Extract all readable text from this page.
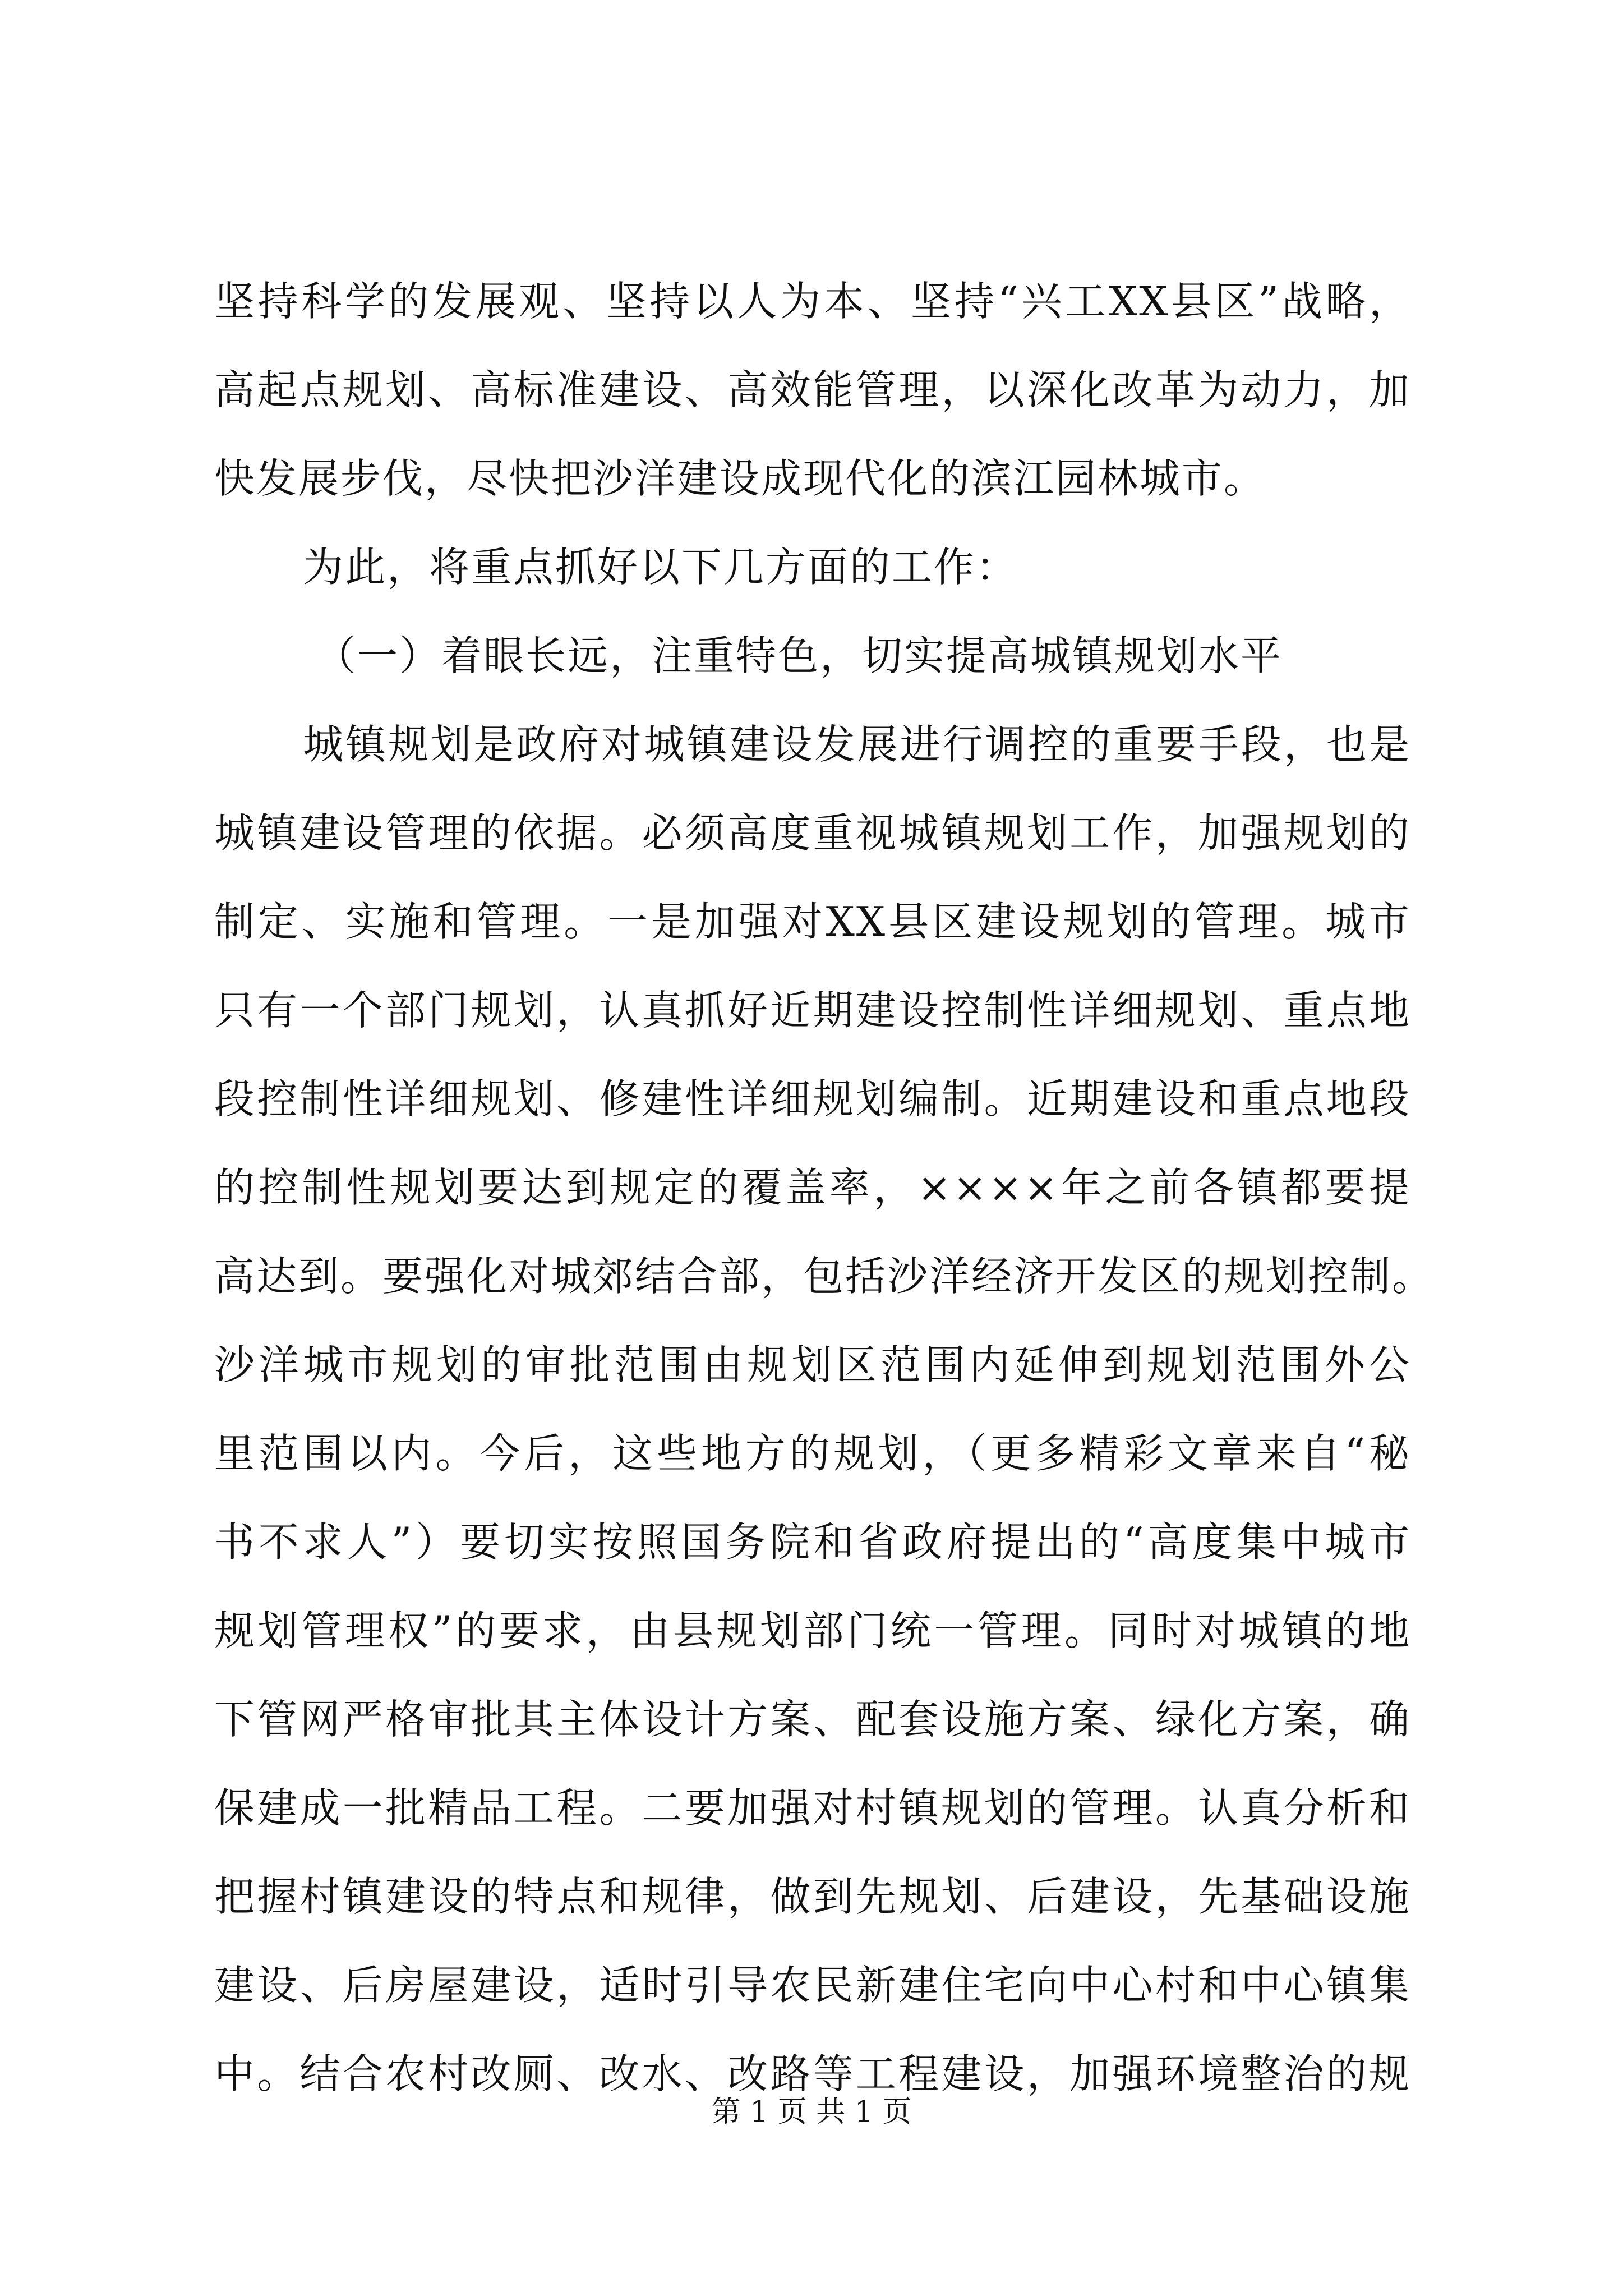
坚持科学的发展观、坚持以人为本、坚持“兴工XX县区”战略，
高起点规划、高标准建设、高效能管理，以深化改革为动力，加
快发展步伐，尽快把沙洋建设成现代化的滨江园林城市。
为此，将重点抓好以下几方面的工作：
（一）着眼长远，注重特色，切实提高城镇规划水平
城镇规划是政府对城镇建设发展进行调控的重要手段，也是
城镇建设管理的依据。必须高度重视城镇规划工作，加强规划的
制定、实施和管理。一是加强对XX县区建设规划的管理。城市
只有一个部门规划，认真抓好近期建设控制性详细规划、重点地
段控制性详细规划、修建性详细规划编制。近期建设和重点地段
的控制性规划要达到规定的覆盖率，××××年之前各镇都要提
高达到。要强化对城郊结合部，包括沙洋经济开发区的规划控制。
沙洋城市规划的审批范围由规划区范围内延伸到规划范围外公
里范围以内。今后，这些地方的规划，（更多精彩文章来自“秘
书不求人”）要切实按照国务院和省政府提出的“高度集中城市
规划管理权”的要求，由县规划部门统一管理。同时对城镇的地
下管网严格审批其主体设计方案、配套设施方案、绿化方案，确
保建成一批精品工程。二要加强对村镇规划的管理。认真分析和
把握村镇建设的特点和规律，做到先规划、后建设，先基础设施
建设、后房屋建设，适时引导农民新建住宅向中心村和中心镇集
中。结合农村改厕、改水、改路等工程建设，加强环境整治的规
第 1 页 共 1 页
